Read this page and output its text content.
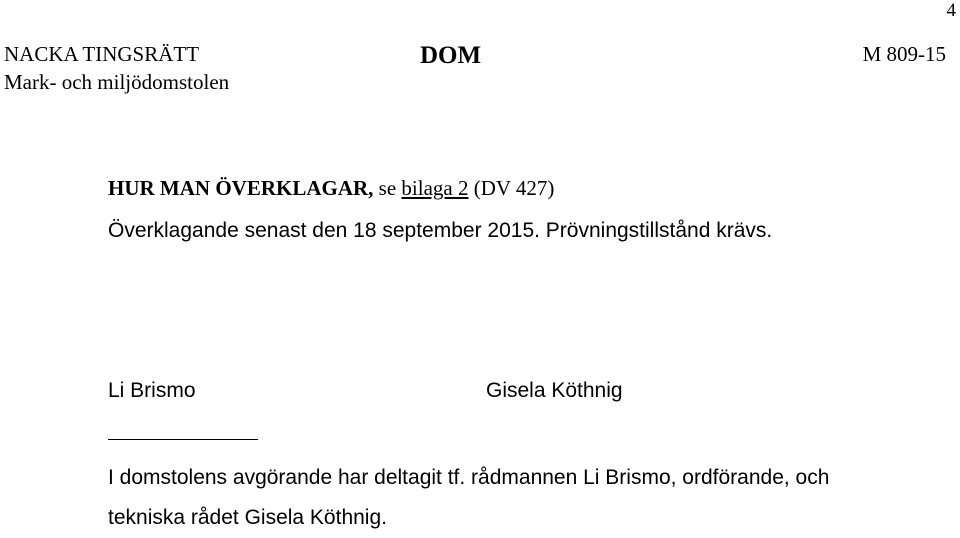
4
NACKA TINGSRÄTT
Mark- och miljödomstolen
DOM	M 809-15
HUR MAN ÖVERKLAGAR, se bilaga 2 (DV 427)
Överklagande senast den 18 september 2015. Prövningstillstånd krävs.
Li Brismo	Gisela Köthnig
I domstolens avgörande har deltagit tf. rådmannen Li Brismo, ordförande, och tekniska rådet Gisela Köthnig.
